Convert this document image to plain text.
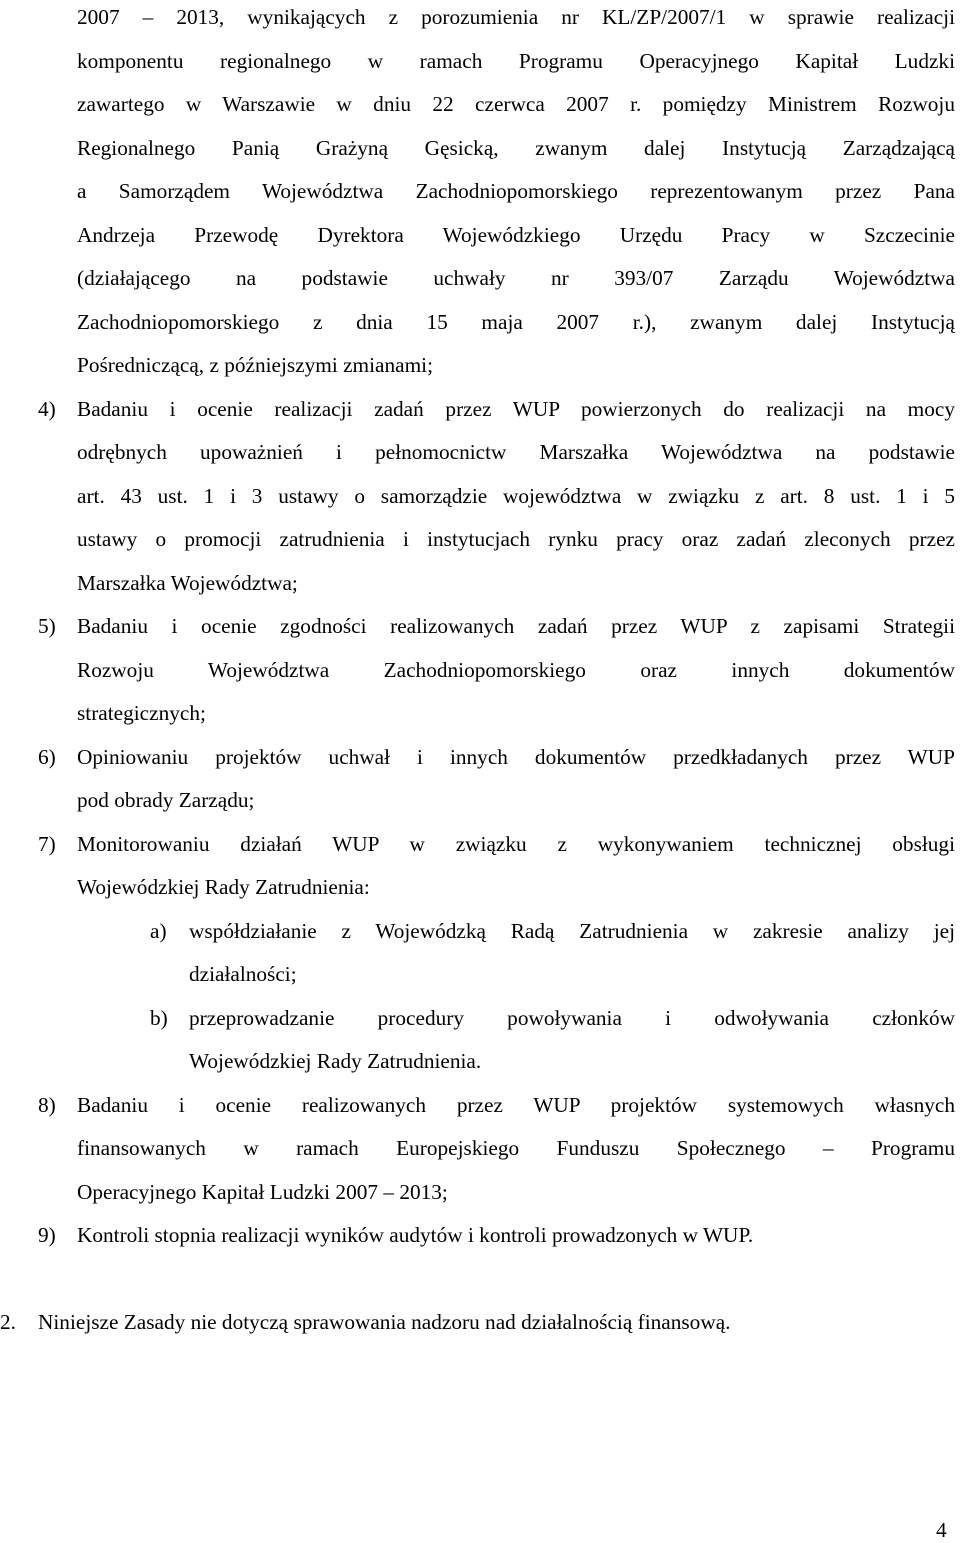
2007 – 2013, wynikających z porozumienia nr KL/ZP/2007/1 w sprawie realizacji
komponentu regionalnego w ramach Programu Operacyjnego Kapitał Ludzki
zawartego w Warszawie w dniu 22 czerwca 2007 r. pomiędzy Ministrem Rozwoju
Regionalnego Panią Grażyną Gęsicką, zwanym dalej Instytucją Zarządzającą
a Samorządem Województwa Zachodniopomorskiego reprezentowanym przez Pana
Andrzeja Przewodę Dyrektora Wojewódzkiego Urzędu Pracy w Szczecinie
(działającego na podstawie uchwały nr 393/07 Zarządu Województwa
Zachodniopomorskiego z dnia 15 maja 2007 r.), zwanym dalej Instytucją
Pośredniczącą, z późniejszymi zmianami;
4) Badaniu i ocenie realizacji zadań przez WUP powierzonych do realizacji na mocy
odrębnych upoważnień i pełnomocnictw Marszałka Województwa na podstawie
art. 43 ust. 1 i 3 ustawy o samorządzie województwa w związku z art. 8 ust. 1 i 5
ustawy o promocji zatrudnienia i instytucjach rynku pracy oraz zadań zleconych przez
Marszałka Województwa;
5) Badaniu i ocenie zgodności realizowanych zadań przez WUP z zapisami Strategii
Rozwoju Województwa Zachodniopomorskiego oraz innych dokumentów
strategicznych;
6) Opiniowaniu projektów uchwał i innych dokumentów przedkładanych przez WUP
pod obrady Zarządu;
7) Monitorowaniu działań WUP w związku z wykonywaniem technicznej obsługi
Wojewódzkiej Rady Zatrudnienia:
a) współdziałanie z Wojewódzką Radą Zatrudnienia w zakresie analizy jej
działalności;
b) przeprowadzanie procedury powoływania i odwoływania członków
Wojewódzkiej Rady Zatrudnienia.
8) Badaniu i ocenie realizowanych przez WUP projektów systemowych własnych
finansowanych w ramach Europejskiego Funduszu Społecznego – Programu
Operacyjnego Kapitał Ludzki 2007 – 2013;
9) Kontroli stopnia realizacji wyników audytów i kontroli prowadzonych w WUP.
2. Niniejsze Zasady nie dotyczą sprawowania nadzoru nad działalnością finansową.
4
